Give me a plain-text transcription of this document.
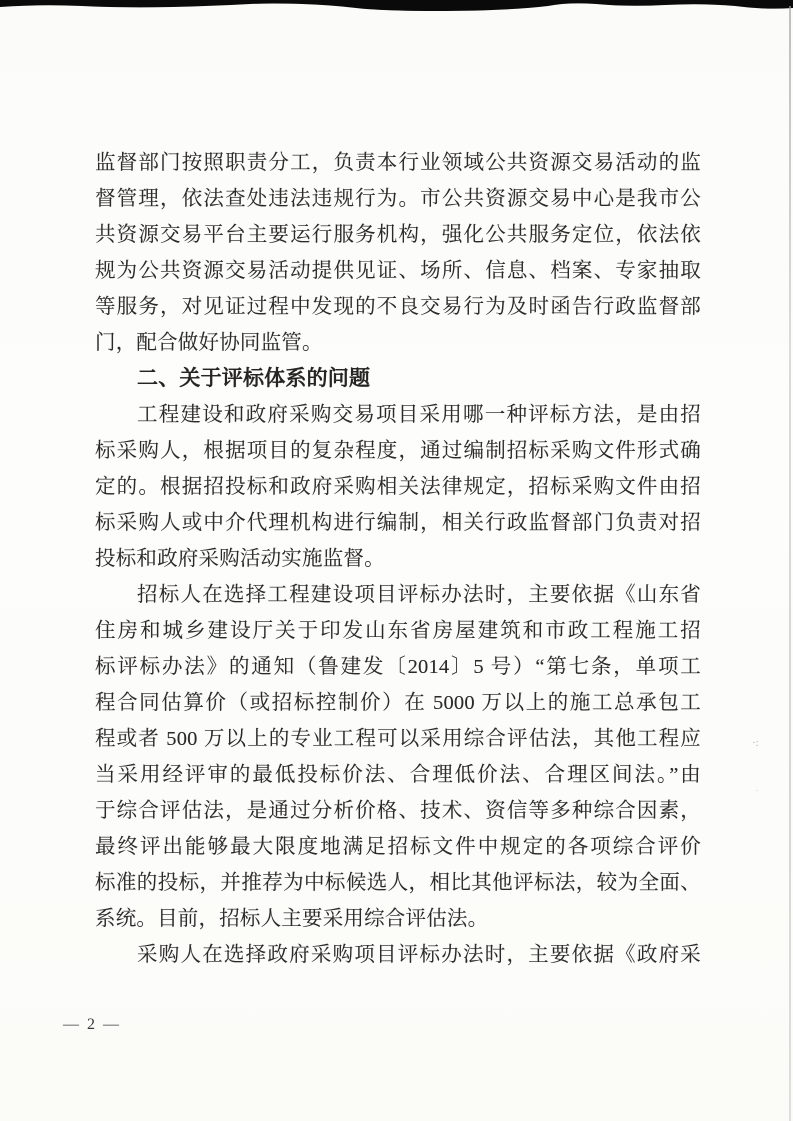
·:
·
监督部门按照职责分工，负责本行业领域公共资源交易活动的监
督管理，依法查处违法违规行为。市公共资源交易中心是我市公
共资源交易平台主要运行服务机构，强化公共服务定位，依法依
规为公共资源交易活动提供见证、场所、信息、档案、专家抽取
等服务，对见证过程中发现的不良交易行为及时函告行政监督部
门，配合做好协同监管。
二、关于评标体系的问题
工程建设和政府采购交易项目采用哪一种评标方法，是由招
标采购人，根据项目的复杂程度，通过编制招标采购文件形式确
定的。根据招投标和政府采购相关法律规定，招标采购文件由招
标采购人或中介代理机构进行编制，相关行政监督部门负责对招
投标和政府采购活动实施监督。
招标人在选择工程建设项目评标办法时，主要依据《山东省
住房和城乡建设厅关于印发山东省房屋建筑和市政工程施工招
标评标办法》的通知（鲁建发〔2014〕5 号）“第七条，单项工
程合同估算价（或招标控制价）在 5000 万以上的施工总承包工
程或者 500 万以上的专业工程可以采用综合评估法，其他工程应
当采用经评审的最低投标价法、合理低价法、合理区间法。”由
于综合评估法，是通过分析价格、技术、资信等多种综合因素，
最终评出能够最大限度地满足招标文件中规定的各项综合评价
标准的投标，并推荐为中标候选人，相比其他评标法，较为全面、
系统。目前，招标人主要采用综合评估法。
采购人在选择政府采购项目评标办法时，主要依据《政府采
— 2 —
